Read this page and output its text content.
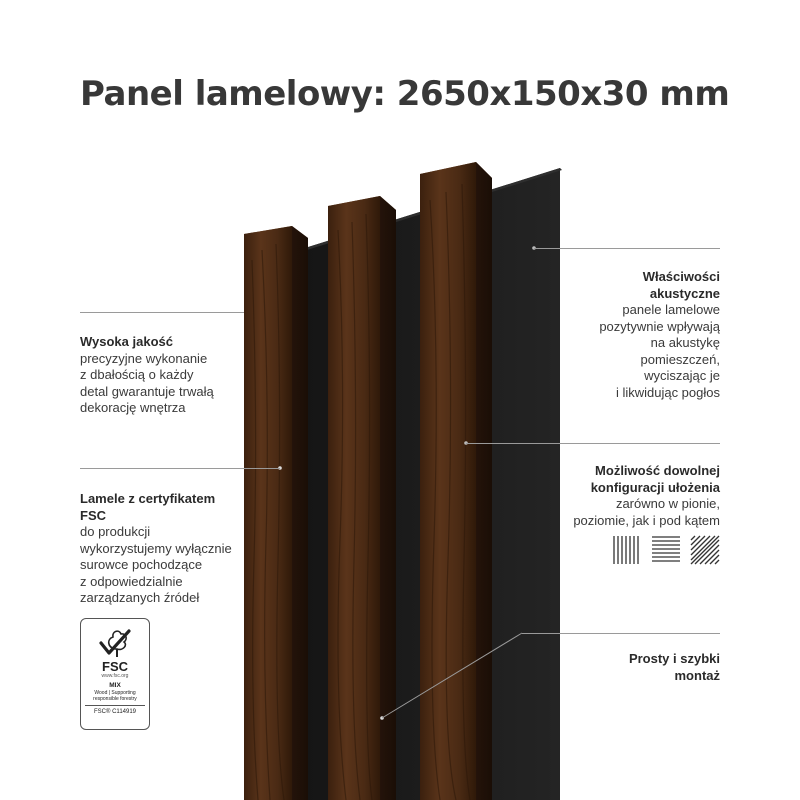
Panel lamelowy: 2650x150x30 mm
Wysoka jakość
precyzyjne wykonanie
z dbałością o każdy
detal gwarantuje trwałą
dekorację wnętrza
Lamele z certyfikatem
FSC
do produkcji
wykorzystujemy wyłącznie
surowce pochodzące
z odpowiedzialnie
zarządzanych źródeł
FSC
www.fsc.org
MIX
Wood | Supporting
responsible forestry
FSC® C114919
Właściwości
akustyczne
panele lamelowe
pozytywnie wpływają
na akustykę
pomieszczeń,
wyciszając je
i likwidując pogłos
Możliwość dowolnej
konfiguracji ułożenia
zarówno w pionie,
poziomie, jak i pod kątem
Prosty i szybki
montaż
